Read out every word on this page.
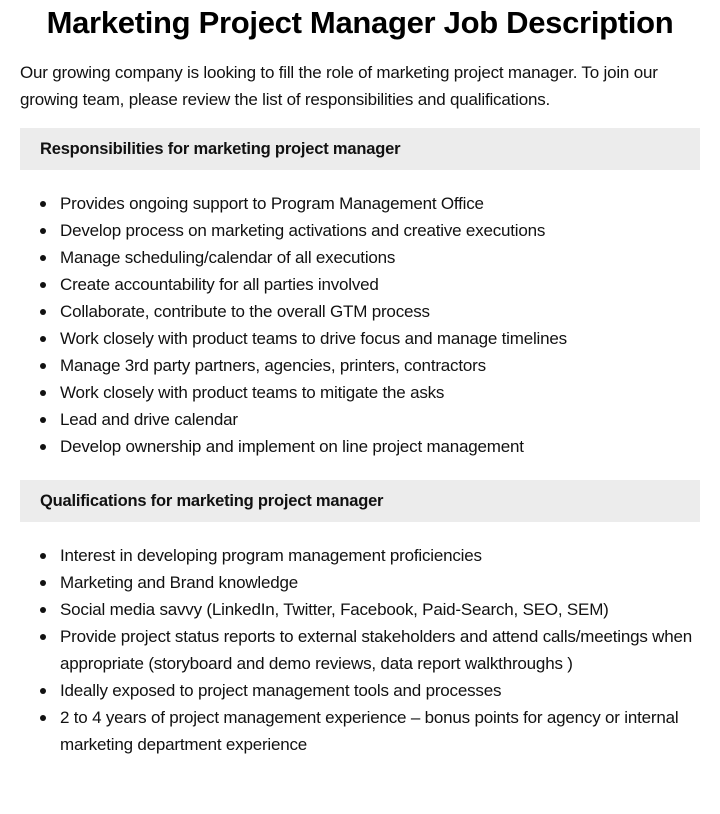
Marketing Project Manager Job Description

Our growing company is looking to fill the role of marketing project manager. To join our growing team, please review the list of responsibilities and qualifications.

Responsibilities for marketing project manager
Provides ongoing support to Program Management Office
Develop process on marketing activations and creative executions
Manage scheduling/calendar of all executions
Create accountability for all parties involved
Collaborate, contribute to the overall GTM process
Work closely with product teams to drive focus and manage timelines
Manage 3rd party partners, agencies, printers, contractors
Work closely with product teams to mitigate the asks
Lead and drive calendar
Develop ownership and implement on line project management
Qualifications for marketing project manager
Interest in developing program management proficiencies
Marketing and Brand knowledge
Social media savvy (LinkedIn, Twitter, Facebook, Paid-Search, SEO, SEM)
Provide project status reports to external stakeholders and attend calls/meetings when appropriate (storyboard and demo reviews, data report walkthroughs )
Ideally exposed to project management tools and processes
2 to 4 years of project management experience – bonus points for agency or internal marketing department experience
